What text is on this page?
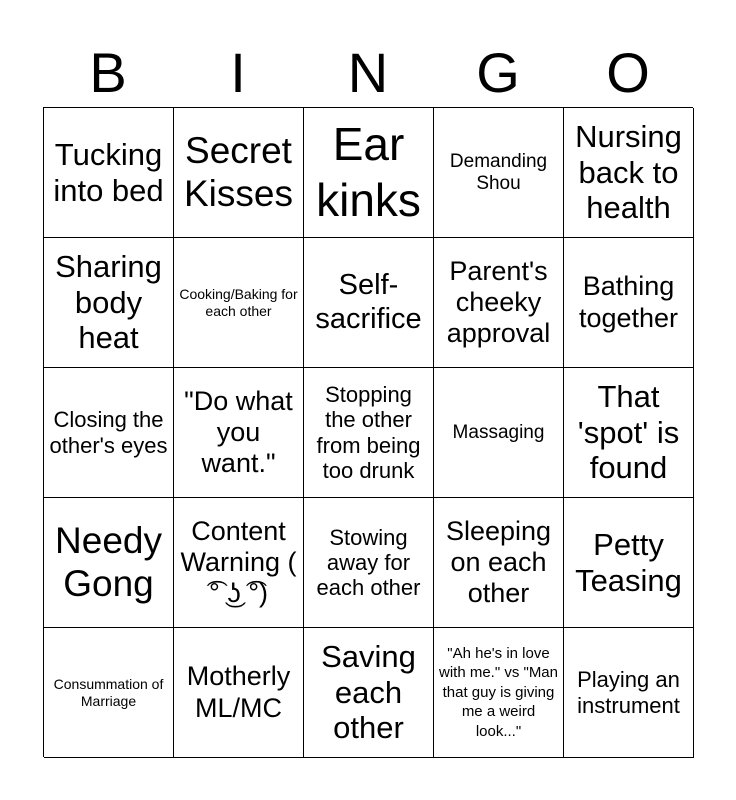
B	I	N	G	O
Tucking into bed
Secret Kisses
Ear kinks
Demanding Shou
Nursing back to health
Sharing body heat
Cooking/Baking for each other
Self-sacrifice
Parent's cheeky approval
Bathing together
Closing the other's eyes
"Do what you want."
Stopping the other from being too drunk
Massaging
That 'spot' is found
Needy Gong
Content Warning ( ͡° ͜ʖ ͡°)
Stowing away for each other
Sleeping on each other
Petty Teasing
Consummation of Marriage
Motherly ML/MC
Saving each other
"Ah he's in love with me." vs "Man that guy is giving me a weird look..."
Playing an instrument
